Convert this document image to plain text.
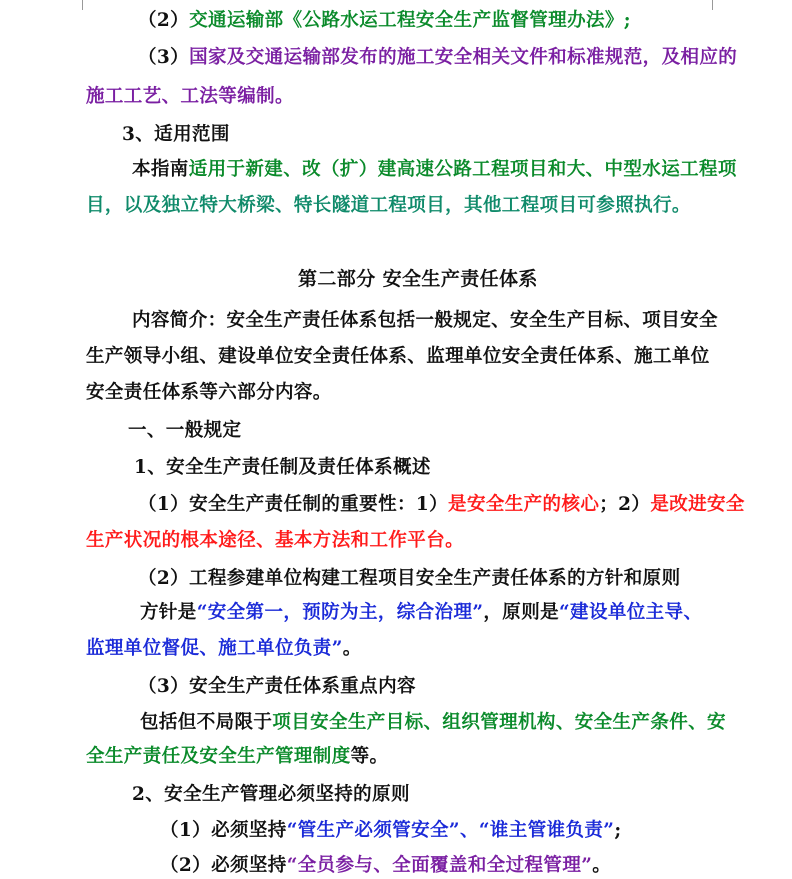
（2）交通运输部《公路水运工程安全生产监督管理办法》;
（3）国家及交通运输部发布的施工安全相关文件和标准规范，及相应的
施工工艺、工法等编制。
3、适用范围
本指南适用于新建、改（扩）建高速公路工程项目和大、中型水运工程项
目，以及独立特大桥梁、特长隧道工程项目，其他工程项目可参照执行。
第二部分 安全生产责任体系
内容简介：安全生产责任体系包括一般规定、安全生产目标、项目安全
生产领导小组、建设单位安全责任体系、监理单位安全责任体系、施工单位
安全责任体系等六部分内容。
一、一般规定
1、安全生产责任制及责任体系概述
（1）安全生产责任制的重要性：1）是安全生产的核心；2）是改进安全
生产状况的根本途径、基本方法和工作平台。
（2）工程参建单位构建工程项目安全生产责任体系的方针和原则
方针是“安全第一，预防为主，综合治理”，原则是“建设单位主导、
监理单位督促、施工单位负责”。
（3）安全生产责任体系重点内容
包括但不局限于项目安全生产目标、组织管理机构、安全生产条件、安
全生产责任及安全生产管理制度等。
2、安全生产管理必须坚持的原则
（1）必须坚持“管生产必须管安全”、“谁主管谁负责”;
（2）必须坚持“全员参与、全面覆盖和全过程管理”。
